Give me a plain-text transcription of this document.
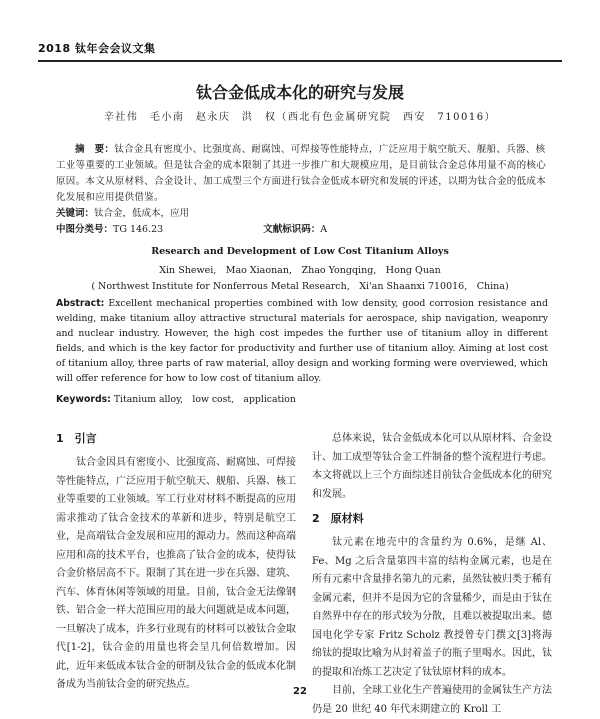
2018 钛年会会议文集
钛合金低成本化的研究与发展
辛社伟　毛小南　赵永庆　洪　权（西北有色金属研究院　西安　710016）
摘　要：钛合金具有密度小、比强度高、耐腐蚀、可焊接等性能特点，广泛应用于航空航天、舰船、兵器、核工业等重要的工业领域。但是钛合金的成本限制了其进一步推广和大规模应用，是目前钛合金总体用量不高的核心原因。本文从原材料、合金设计、加工成型三个方面进行钛合金低成本研究和发展的评述，以期为钛合金的低成本化发展和应用提供借鉴。
关键词：钛合金，低成本，应用
中图分类号：TG 146.23	文献标识码：A
Research and Development of Low Cost Titanium Alloys
Xin Shewei,　Mao Xiaonan,　Zhao Yongqing,　Hong Quan
( Northwest Institute for Nonferrous Metal Research,　Xi'an Shaanxi 710016,　China)
Abstract: Excellent mechanical properties combined with low density, good corrosion resistance and welding, make titanium alloy attractive structural materials for aerospace, ship navigation, weaponry and nuclear industry. However, the high cost impedes the further use of titanium alloy in different fields, and which is the key factor for productivity and further use of titanium alloy. Aiming at lost cost of titanium alloy, three parts of raw material, alloy design and working forming were overviewed, which will offer reference for how to low cost of titanium alloy.
Keywords: Titanium alloy,　low cost,　application
1　引言

钛合金因具有密度小、比强度高、耐腐蚀、可焊接等性能特点，广泛应用于航空航天、舰船、兵器、核工业等重要的工业领域。军工行业对材料不断提高的应用需求推动了钛合金技术的革新和进步，特别是航空工业，是高端钛合金发展和应用的源动力。然而这种高端应用和高的技术平台，也推高了钛合金的成本，使得钛合金价格居高不下。限制了其在进一步在兵器、建筑、汽车、体育休闲等领域的用量。目前，钛合金无法像钢铁、铝合金一样大范围应用的最大问题就是成本问题，一旦解决了成本，许多行业现有的材料可以被钛合金取代[1-2]，钛合金的用量也将会呈几何倍数增加。因此，近年来低成本钛合金的研制及钛合金的低成本化制备成为当前钛合金的研究热点。

总体来说，钛合金低成本化可以从原材料、合金设计、加工成型等钛合金工件制备的整个流程进行考虑。本文将就以上三个方面综述目前钛合金低成本化的研究和发展。

2　原材料

钛元素在地壳中的含量约为 0.6%，是继 Al、Fe、Mg 之后含量第四丰富的结构金属元素，也是在所有元素中含量排名第九的元素，虽然钛被归类于稀有金属元素，但并不是因为它的含量稀少，而是由于钛在自然界中存在的形式较为分散，且难以被提取出来。德国电化学专家 Fritz Scholz 教授曾专门撰文[3]将海绵钛的提取比喻为从封着盖子的瓶子里喝水。因此，钛的提取和冶炼工艺决定了钛钛原材料的成本。

目前，全球工业化生产普遍使用的金属钛生产方法仍是 20 世纪 40 年代末期建立的 Kroll 工

22
